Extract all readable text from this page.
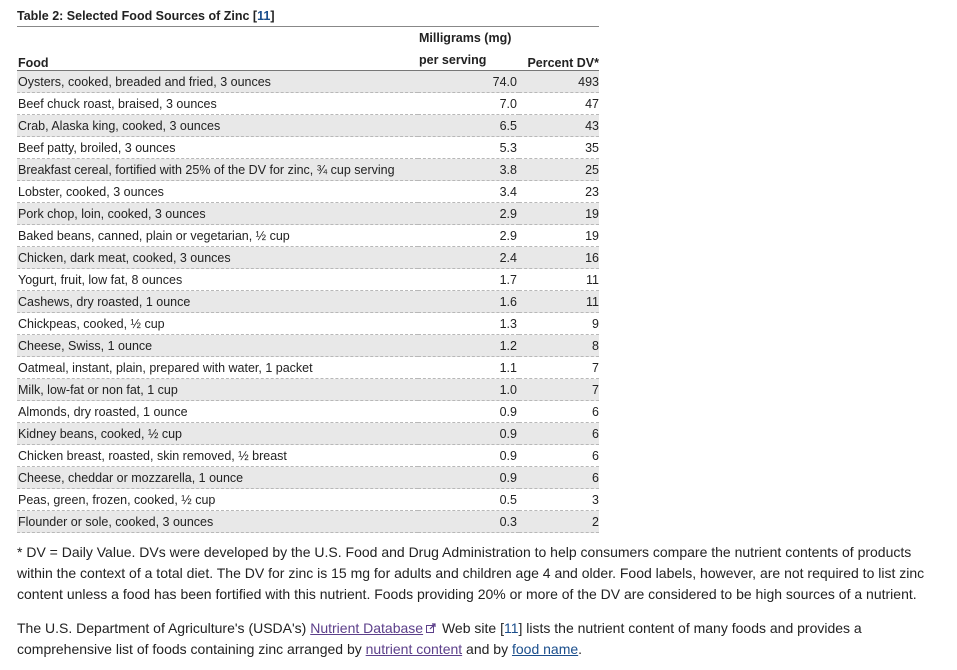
Table 2: Selected Food Sources of Zinc [11]
	Milligrams (mg)	
Food	per serving	Percent DV*
Oysters, cooked, breaded and fried, 3 ounces	74.0	493
Beef chuck roast, braised, 3 ounces	7.0	47
Crab, Alaska king, cooked, 3 ounces	6.5	43
Beef patty, broiled, 3 ounces	5.3	35
Breakfast cereal, fortified with 25% of the DV for zinc, ¾ cup serving	3.8	25
Lobster, cooked, 3 ounces	3.4	23
Pork chop, loin, cooked, 3 ounces	2.9	19
Baked beans, canned, plain or vegetarian, ½ cup	2.9	19
Chicken, dark meat, cooked, 3 ounces	2.4	16
Yogurt, fruit, low fat, 8 ounces	1.7	11
Cashews, dry roasted, 1 ounce	1.6	11
Chickpeas, cooked, ½ cup	1.3	9
Cheese, Swiss, 1 ounce	1.2	8
Oatmeal, instant, plain, prepared with water, 1 packet	1.1	7
Milk, low-fat or non fat, 1 cup	1.0	7
Almonds, dry roasted, 1 ounce	0.9	6
Kidney beans, cooked, ½ cup	0.9	6
Chicken breast, roasted, skin removed, ½ breast	0.9	6
Cheese, cheddar or mozzarella, 1 ounce	0.9	6
Peas, green, frozen, cooked, ½ cup	0.5	3
Flounder or sole, cooked, 3 ounces	0.3	2

* DV = Daily Value. DVs were developed by the U.S. Food and Drug Administration to help consumers compare the nutrient contents of products within the context of a total diet. The DV for zinc is 15 mg for adults and children age 4 and older. Food labels, however, are not required to list zinc content unless a food has been fortified with this nutrient. Foods providing 20% or more of the DV are considered to be high sources of a nutrient.

The U.S. Department of Agriculture's (USDA's) Nutrient Database
Web site [11] lists the nutrient content of many foods and provides a comprehensive list of foods containing zinc arranged by nutrient content and by food name.
